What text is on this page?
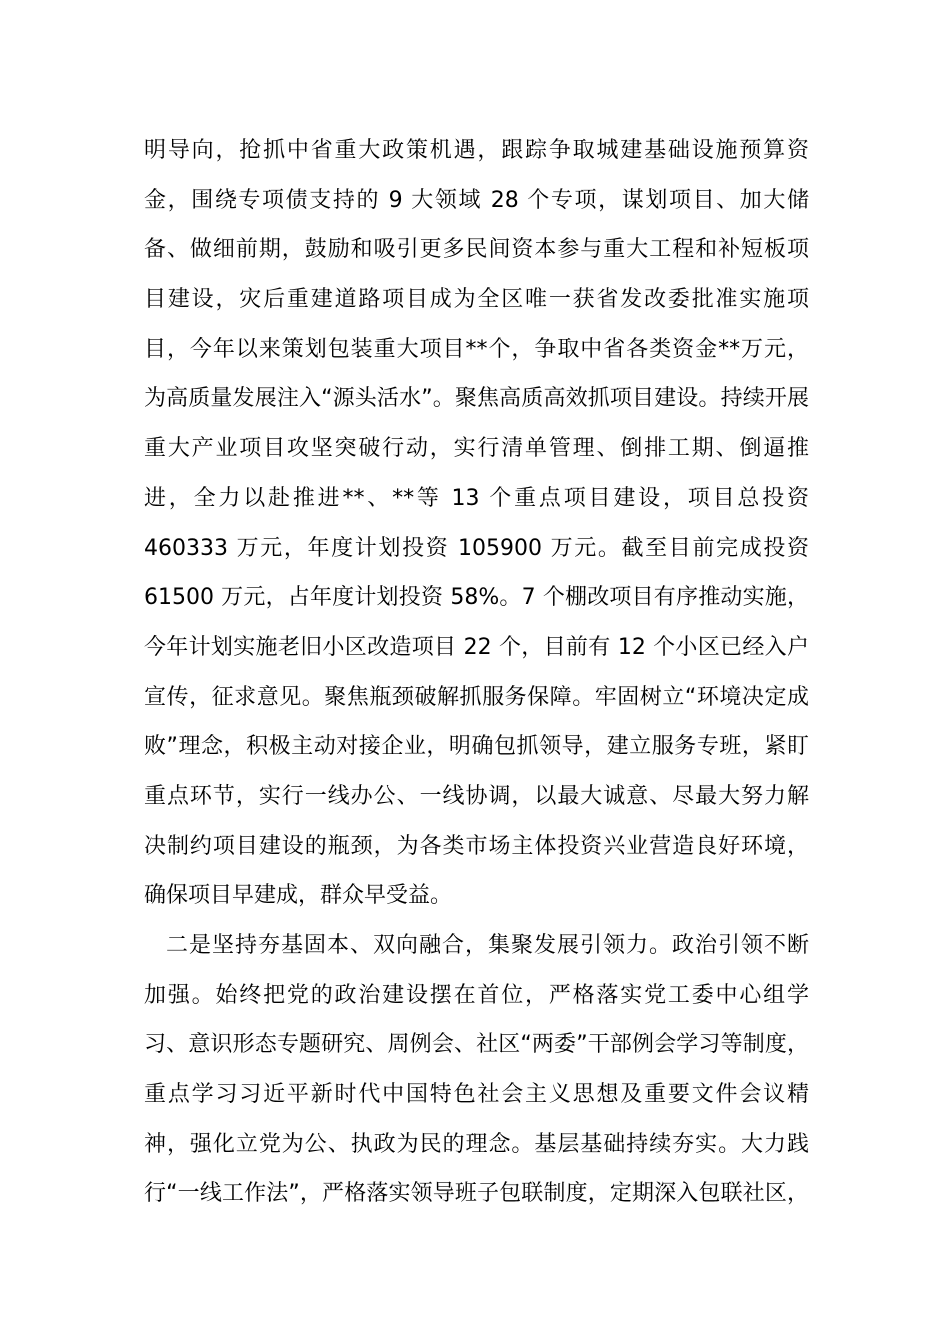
明导向，抢抓中省重大政策机遇，跟踪争取城建基础设施预算资
金，围绕专项债支持的 9 大领域 28 个专项，谋划项目、加大储
备、做细前期，鼓励和吸引更多民间资本参与重大工程和补短板项
目建设，灾后重建道路项目成为全区唯一获省发改委批准实施项
目，今年以来策划包装重大项目**个，争取中省各类资金**万元，
为高质量发展注入“源头活水”。聚焦高质高效抓项目建设。持续开展
重大产业项目攻坚突破行动，实行清单管理、倒排工期、倒逼推
进，全力以赴推进**、**等 13 个重点项目建设，项目总投资
460333 万元，年度计划投资 105900 万元。截至目前完成投资
61500 万元，占年度计划投资 58%。7 个棚改项目有序推动实施，
今年计划实施老旧小区改造项目 22 个，目前有 12 个小区已经入户
宣传，征求意见。聚焦瓶颈破解抓服务保障。牢固树立“环境决定成
败”理念，积极主动对接企业，明确包抓领导，建立服务专班，紧盯
重点环节，实行一线办公、一线协调，以最大诚意、尽最大努力解
决制约项目建设的瓶颈，为各类市场主体投资兴业营造良好环境，
确保项目早建成，群众早受益。
二是坚持夯基固本、双向融合，集聚发展引领力。政治引领不断
加强。始终把党的政治建设摆在首位，严格落实党工委中心组学
习、意识形态专题研究、周例会、社区“两委”干部例会学习等制度，
重点学习习近平新时代中国特色社会主义思想及重要文件会议精
神，强化立党为公、执政为民的理念。基层基础持续夯实。大力践
行“一线工作法”，严格落实领导班子包联制度，定期深入包联社区，
